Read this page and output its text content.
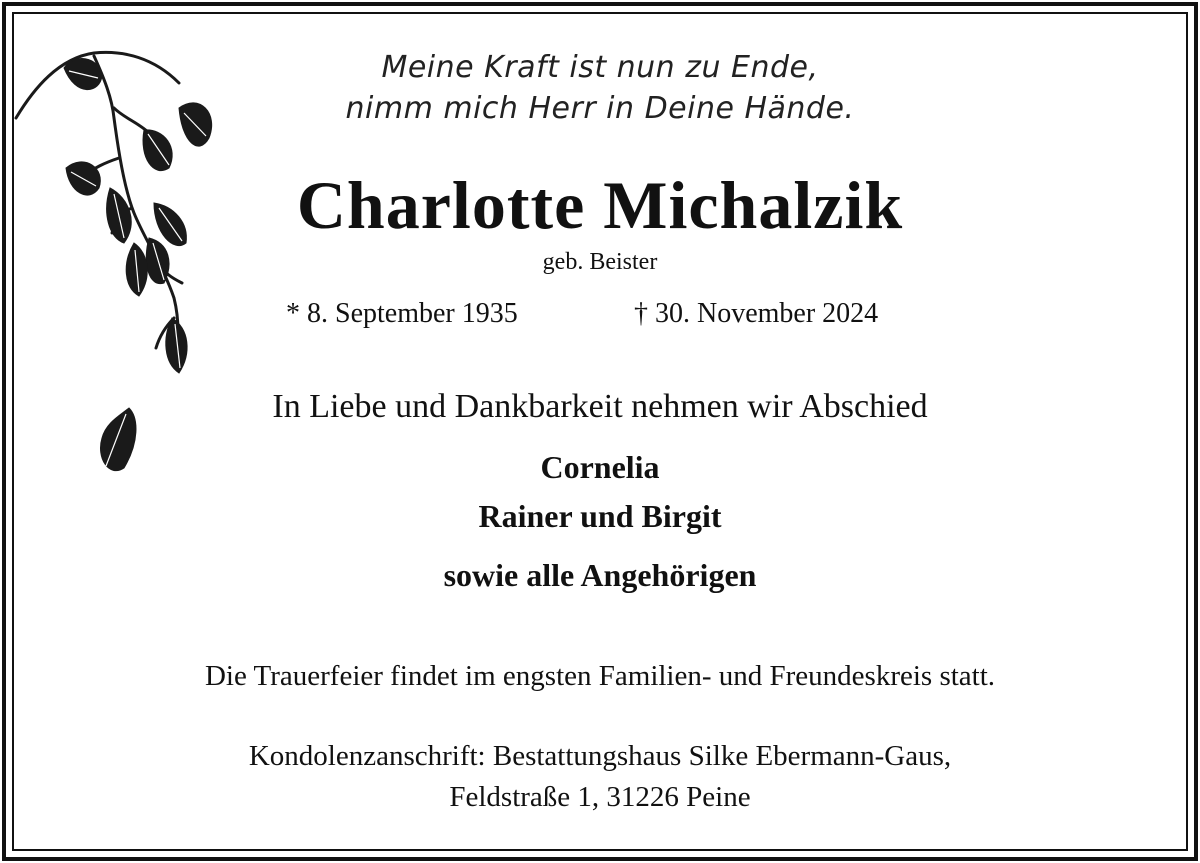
Meine Kraft ist nun zu Ende,
nimm mich Herr in Deine Hände.
Charlotte Michalzik
geb. Beister
* 8. September 1935	† 30. November 2024
In Liebe und Dankbarkeit nehmen wir Abschied
Cornelia
Rainer und Birgit
sowie alle Angehörigen
Die Trauerfeier findet im engsten Familien- und Freundeskreis statt.
Kondolenzanschrift: Bestattungshaus Silke Ebermann-Gaus,
Feldstraße 1, 31226 Peine
